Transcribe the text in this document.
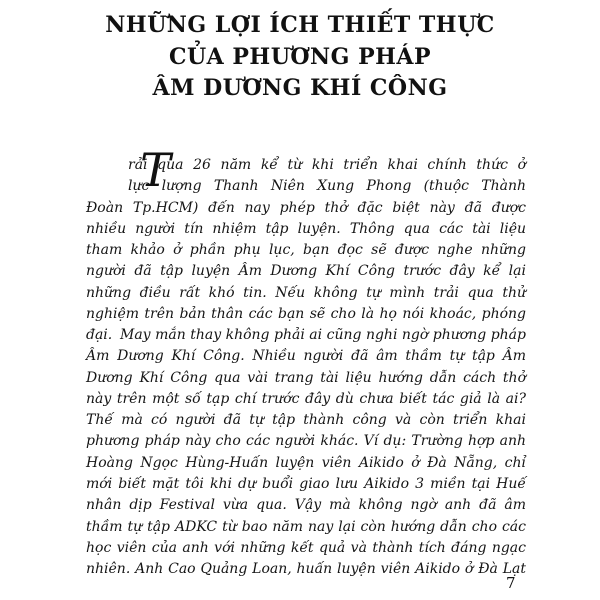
NHỮNG LỢI ÍCH THIẾT THỰC
CỦA PHƯƠNG PHÁP
ÂM DƯƠNG KHÍ CÔNG
T
rải qua 26 năm kể từ khi triển khai chính thức ở
lực lượng Thanh Niên Xung Phong (thuộc Thành
Đoàn Tp.HCM) đến nay phép thở đặc biệt này đã được
nhiều người tín nhiệm tập luyện. Thông qua các tài liệu
tham khảo ở phần phụ lục, bạn đọc sẽ được nghe những
người đã tập luyện Âm Dương Khí Công trước đây kể lại
những điều rất khó tin. Nếu không tự mình trải qua thử
nghiệm trên bản thân các bạn sẽ cho là họ nói khoác, phóng
đại. May mắn thay không phải ai cũng nghi ngờ phương pháp
Âm Dương Khí Công. Nhiều người đã âm thầm tự tập Âm
Dương Khí Công qua vài trang tài liệu hướng dẫn cách thở
này trên một số tạp chí trước đây dù chưa biết tác giả là ai?
Thế mà có người đã tự tập thành công và còn triển khai
phương pháp này cho các người khác. Ví dụ: Trường hợp anh
Hoàng Ngọc Hùng-Huấn luyện viên Aikido ở Đà Nẵng, chỉ
mới biết mặt tôi khi dự buổi giao lưu Aikido 3 miền tại Huế
nhân dịp Festival vừa qua. Vậy mà không ngờ anh đã âm
thầm tự tập ADKC từ bao năm nay lại còn hướng dẫn cho các
học viên của anh với những kết quả và thành tích đáng ngạc
nhiên. Anh Cao Quảng Loan, huấn luyện viên Aikido ở Đà Lạt
7
